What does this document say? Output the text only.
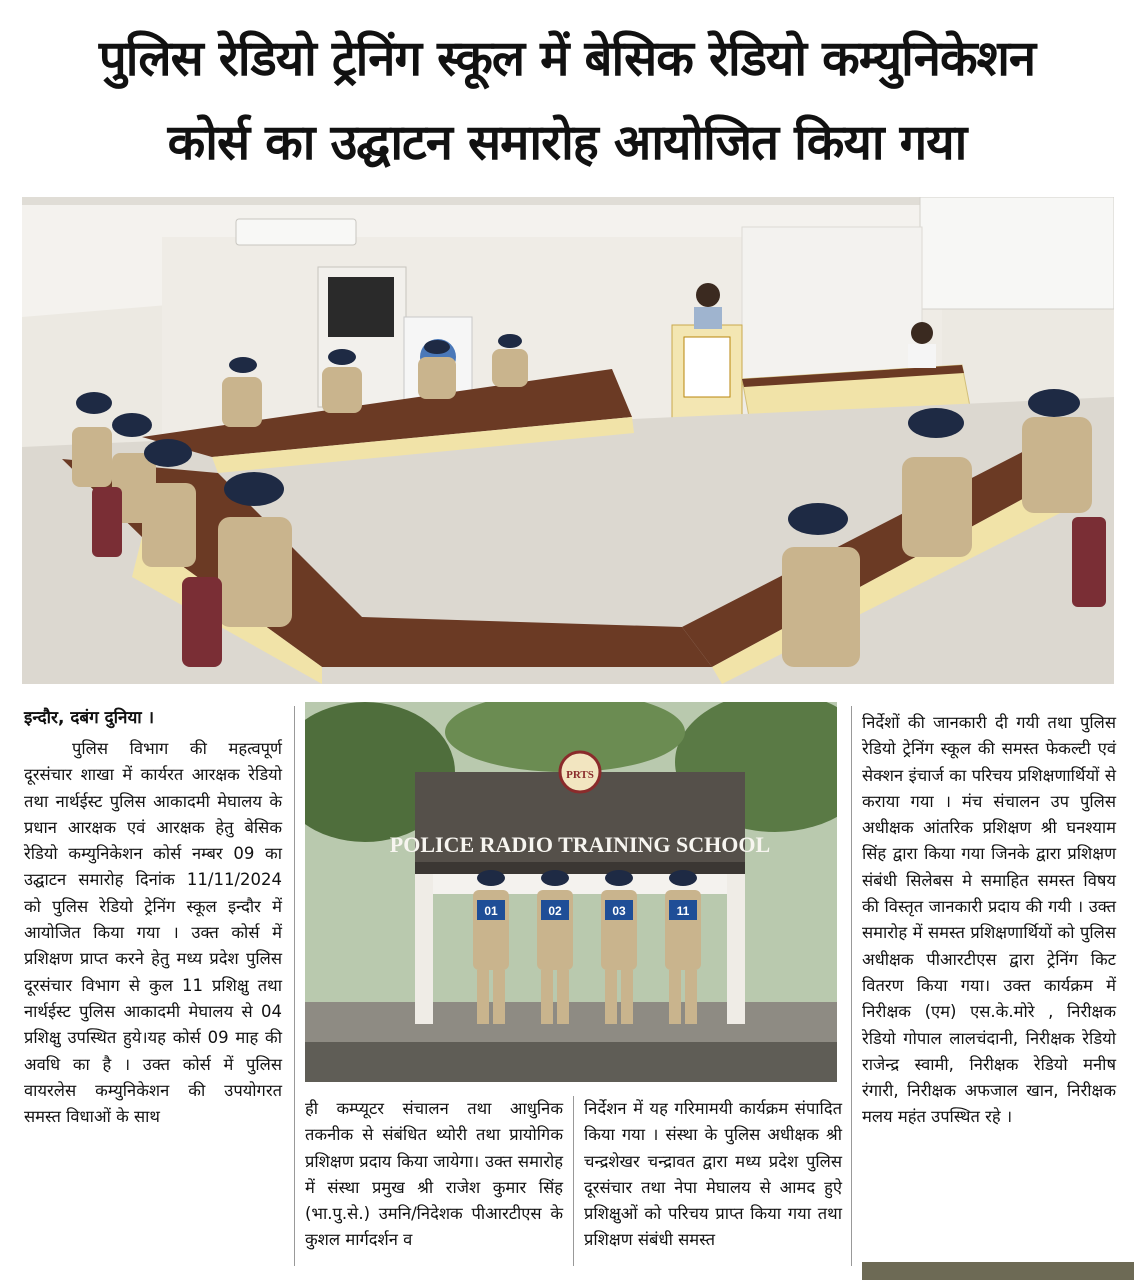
पुलिस रेडियो ट्रेनिंग स्कूल में बेसिक रेडियो कम्युनिकेशन
कोर्स का उद्घाटन समारोह आयोजित किया गया
इन्दौर, दबंग दुनिया ।

पुलिस विभाग की महत्वपूर्ण दूरसंचार शाखा में कार्यरत आरक्षक रेडियो तथा नार्थईस्ट पुलिस आकादमी मेघालय के प्रधान आरक्षक एवं आरक्षक हेतु बेसिक रेडियो कम्युनिकेशन कोर्स नम्बर 09 का उद्घाटन समारोह दिनांक 11/11/2024 को पुलिस रेडियो ट्रेनिंग स्कूल इन्दौर में आयोजित किया गया । उक्त कोर्स में प्रशिक्षण प्राप्त करने हेतु मध्य प्रदेश पुलिस दूरसंचार विभाग से कुल 11 प्रशिक्षु तथा नार्थईस्ट पुलिस आकादमी मेघालय से 04 प्रशिक्षु उपस्थित हुये।यह कोर्स 09 माह की अवधि का है । उक्त कोर्स में पुलिस वायरलेस कम्युनिकेशन की उपयोगरत समस्त विधाओं के साथ

PRTS
POLICE RADIO TRAINING SCHOOL
01	02	03	11

ही कम्प्यूटर संचालन तथा आधुनिक तकनीक से संबंधित थ्योरी तथा प्रायोगिक प्रशिक्षण प्रदाय किया जायेगा। उक्त समारोह में संस्था प्रमुख श्री राजेश कुमार सिंह (भा.पु.से.) उमनि/निदेशक पीआरटीएस के कुशल मार्गदर्शन व

निर्देशन में यह गरिमामयी कार्यक्रम संपादित किया गया । संस्था के पुलिस अधीक्षक श्री चन्द्रशेखर चन्द्रावत द्वारा मध्य प्रदेश पुलिस दूरसंचार तथा नेपा मेघालय से आमद हुऐ प्रशिक्षुओं को परिचय प्राप्त किया गया तथा प्रशिक्षण संबंधी समस्त

निर्देशों की जानकारी दी गयी तथा पुलिस रेडियो ट्रेनिंग स्कूल की समस्त फेकल्टी एवं सेक्शन इंचार्ज का परिचय प्रशिक्षणार्थियों से कराया गया । मंच संचालन उप पुलिस अधीक्षक आंतरिक प्रशिक्षण श्री घनश्याम सिंह द्वारा किया गया जिनके द्वारा प्रशिक्षण संबंधी सिलेबस मे समाहित समस्त विषय की विस्तृत जानकारी प्रदाय की गयी । उक्त समारोह में समस्त प्रशिक्षणार्थियों को पुलिस अधीक्षक पीआरटीएस द्वारा ट्रेनिंग किट वितरण किया गया। उक्त कार्यक्रम में निरीक्षक (एम) एस.के.मोरे , निरीक्षक रेडियो गोपाल लालचंदानी, निरीक्षक रेडियो राजेन्द्र स्वामी, निरीक्षक रेडियो मनीष रंगारी, निरीक्षक अफजाल खान, निरीक्षक मलय महंत उपस्थित रहे ।
